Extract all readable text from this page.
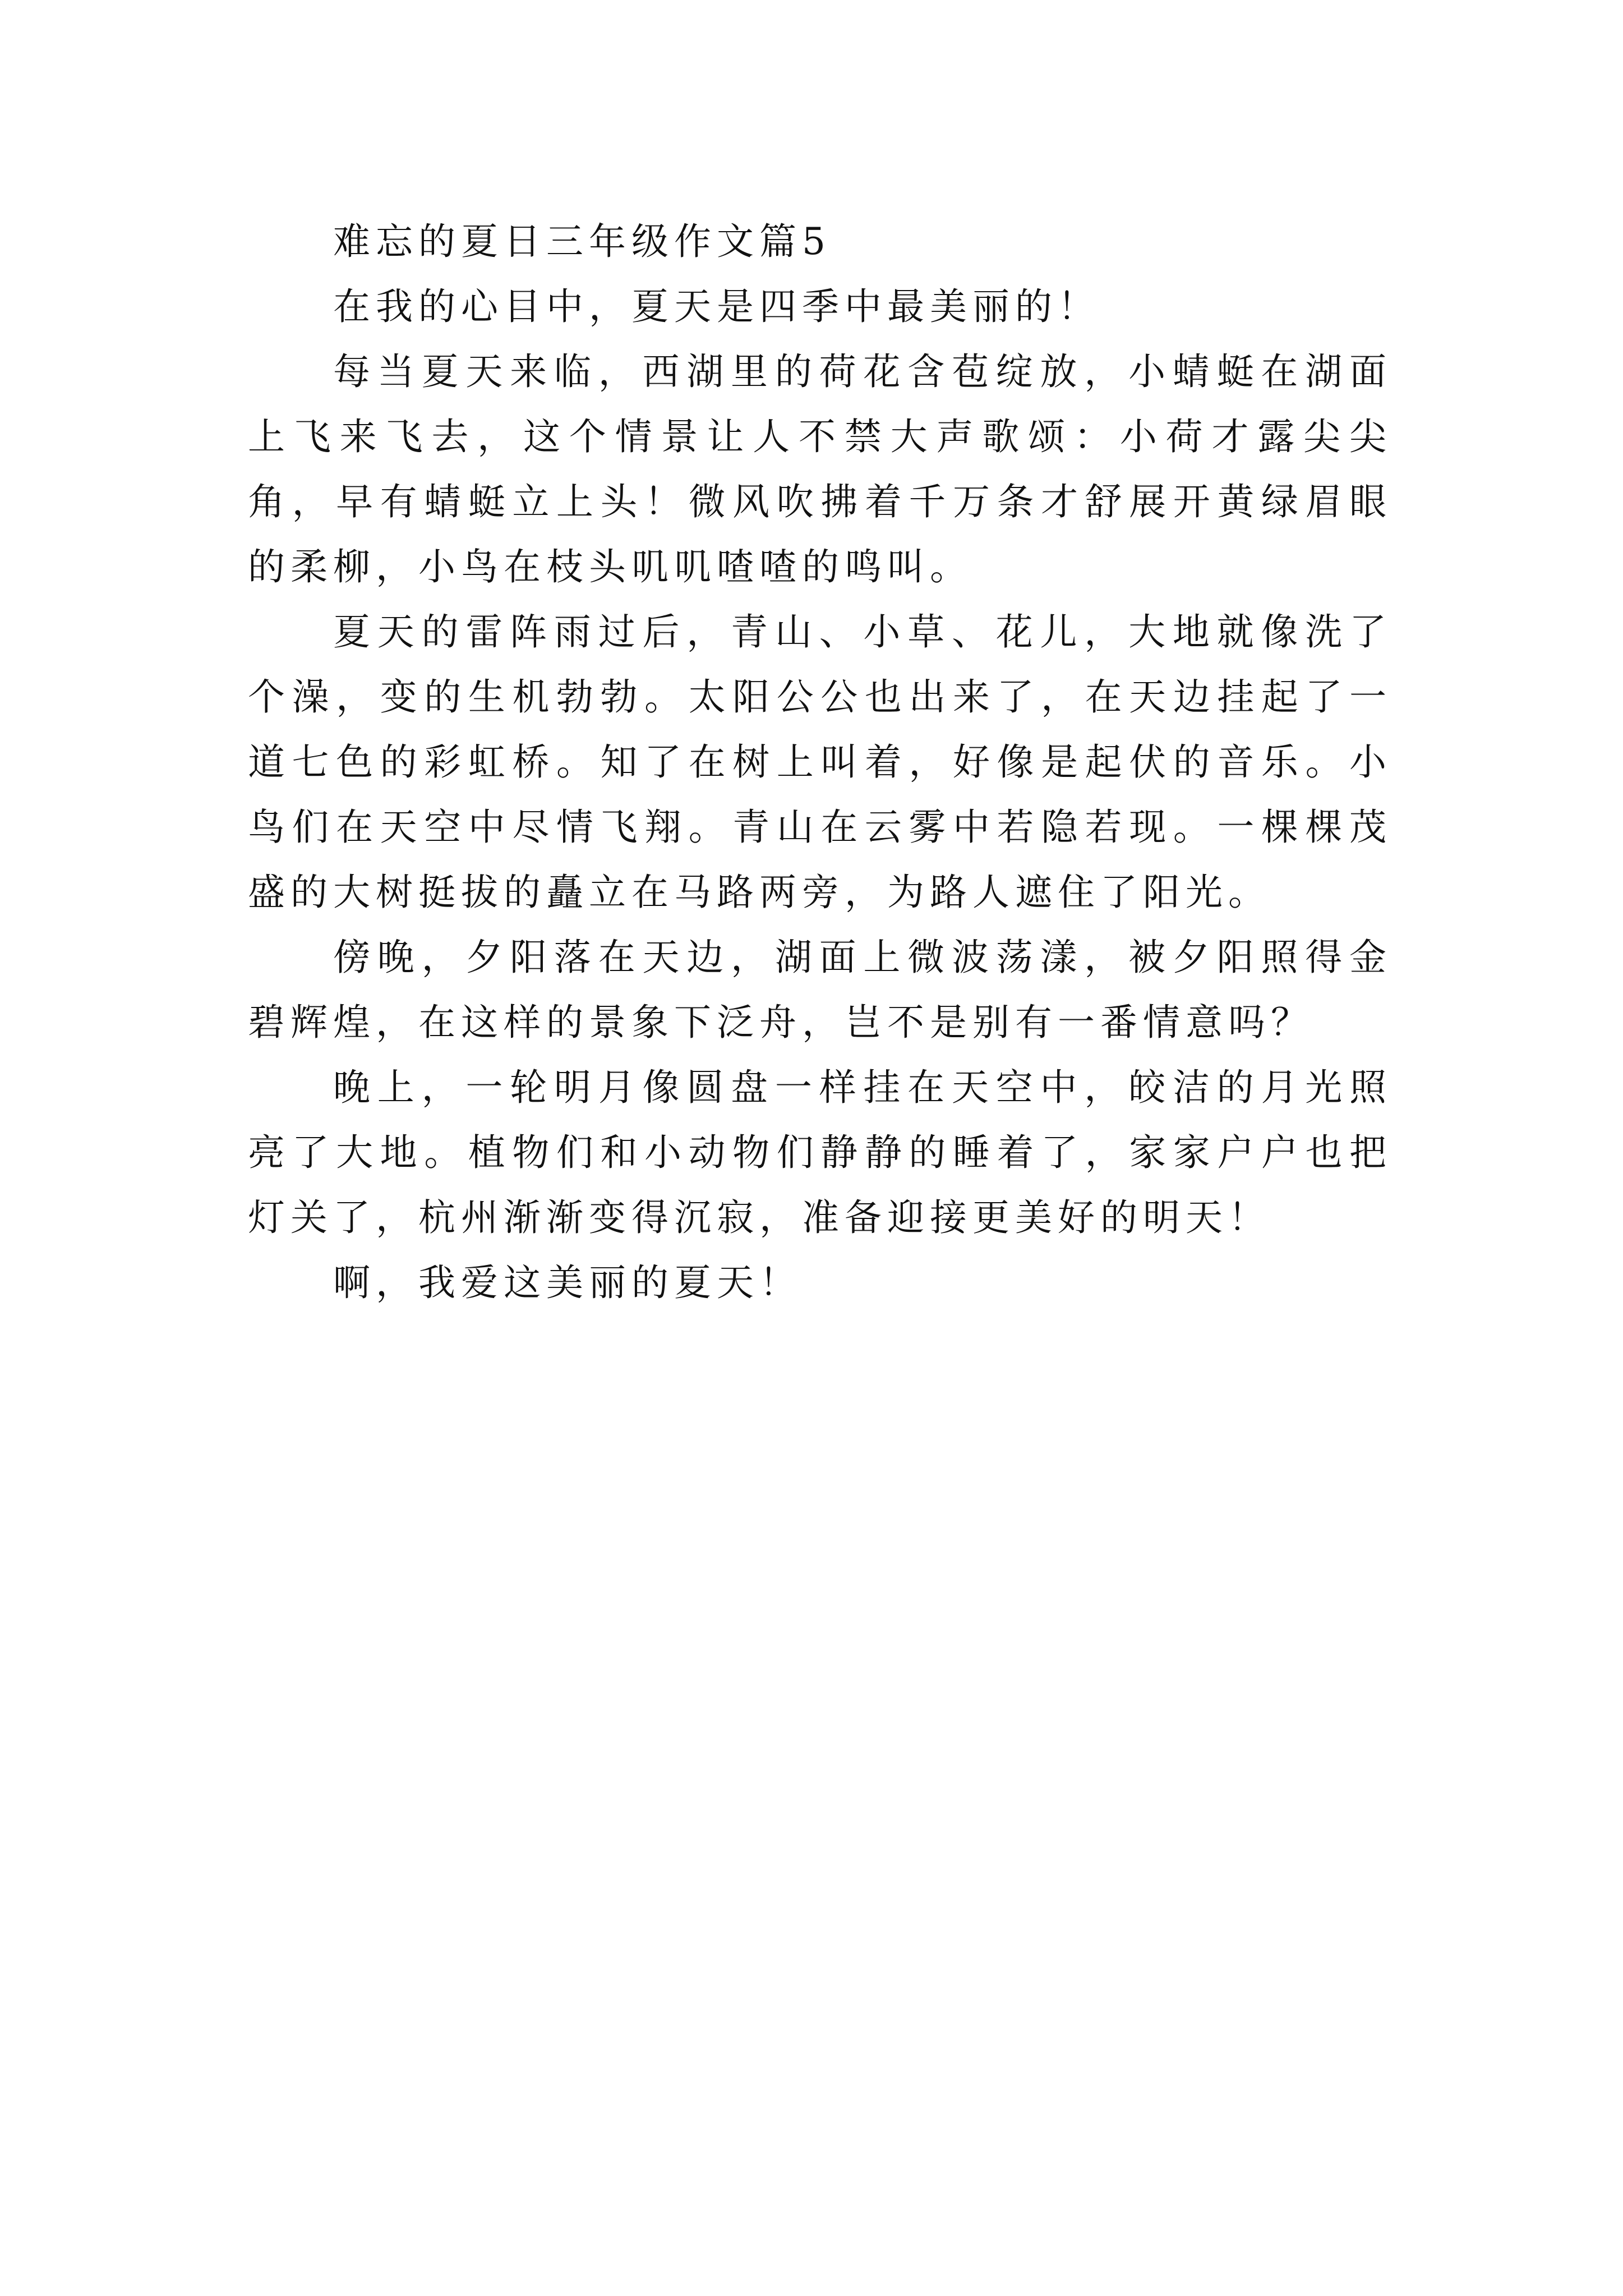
难忘的夏日三年级作文篇5

在我的心目中，夏天是四季中最美丽的！

每当夏天来临，西湖里的荷花含苞绽放，小蜻蜓在湖面上飞来飞去，这个情景让人不禁大声歌颂：小荷才露尖尖角，早有蜻蜓立上头！微风吹拂着千万条才舒展开黄绿眉眼的柔柳，小鸟在枝头叽叽喳喳的鸣叫。

夏天的雷阵雨过后，青山、小草、花儿，大地就像洗了个澡，变的生机勃勃。太阳公公也出来了，在天边挂起了一道七色的彩虹桥。知了在树上叫着，好像是起伏的音乐。小鸟们在天空中尽情飞翔。青山在云雾中若隐若现。一棵棵茂盛的大树挺拔的矗立在马路两旁，为路人遮住了阳光。

傍晚，夕阳落在天边，湖面上微波荡漾，被夕阳照得金碧辉煌，在这样的景象下泛舟，岂不是别有一番情意吗？

晚上，一轮明月像圆盘一样挂在天空中，皎洁的月光照亮了大地。植物们和小动物们静静的睡着了，家家户户也把灯关了，杭州渐渐变得沉寂，准备迎接更美好的明天！

啊，我爱这美丽的夏天！
